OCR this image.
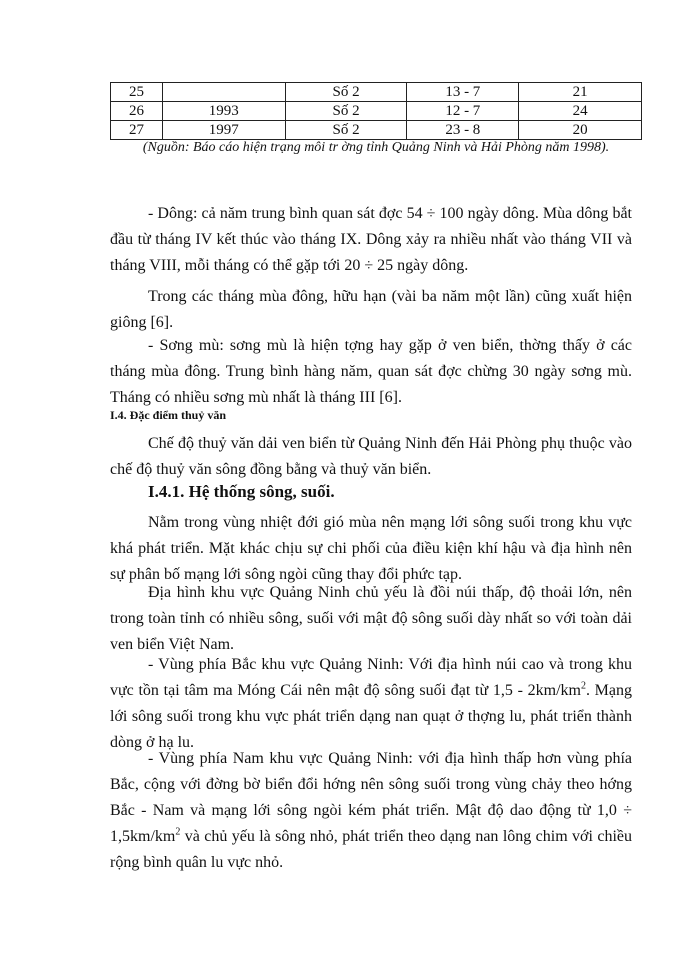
25		Số 2	13 - 7	21
26	1993	Số 2	12 - 7	24
27	1997	Số 2	23 - 8	20
(Nguồn: Báo cáo hiện trạng môi tr ờng tỉnh Quảng Ninh và Hải Phòng năm 1998).

- Dông: cả năm trung bình quan sát đợc 54 ÷ 100 ngày dông. Mùa dông bắt đầu từ tháng IV kết thúc vào tháng IX. Dông xảy ra nhiều nhất vào tháng VII và tháng VIII, mỗi tháng có thể gặp tới 20 ÷ 25 ngày dông.

Trong các tháng mùa đông, hữu hạn (vài ba năm một lần) cũng xuất hiện giông [6].

- Sơng mù: sơng mù là hiện tợng hay gặp ở ven biển, thờng thấy ở các tháng mùa đông. Trung bình hàng năm, quan sát đợc chừng 30 ngày sơng mù. Tháng có nhiều sơng mù nhất là tháng III [6].

I.4. Đặc điểm thuỷ văn

Chế độ thuỷ văn dải ven biển từ Quảng Ninh đến Hải Phòng phụ thuộc vào chế độ thuỷ văn sông đồng bằng và thuỷ văn biển.

I.4.1. Hệ thống sông, suối.

Nằm trong vùng nhiệt đới gió mùa nên mạng lới sông suối trong khu vực khá phát triển. Mặt khác chịu sự chi phối của điều kiện khí hậu và địa hình nên sự phân bố mạng lới sông ngòi cũng thay đổi phức tạp.

Địa hình khu vực Quảng Ninh chủ yếu là đồi núi thấp, độ thoải lớn, nên trong toàn tỉnh có nhiều sông, suối với mật độ sông suối dày nhất so với toàn dải ven biển Việt Nam.

- Vùng phía Bắc khu vực Quảng Ninh: Với địa hình núi cao và trong khu vực tồn tại tâm ma Móng Cái nên mật độ sông suối đạt từ $1,5 - 2km/km^2$. Mạng lới sông suối trong khu vực phát triển dạng nan quạt ở thợng lu, phát triển thành dòng ở hạ lu.

- Vùng phía Nam khu vực Quảng Ninh: với địa hình thấp hơn vùng phía Bắc, cộng với đờng bờ biển đổi hớng nên sông suối trong vùng chảy theo hớng Bắc - Nam và mạng lới sông ngòi kém phát triển. Mật độ dao động từ $1,0 \div 1,5km/km^2$ và chủ yếu là sông nhỏ, phát triển theo dạng nan lông chim với chiều rộng bình quân lu vực nhỏ.
